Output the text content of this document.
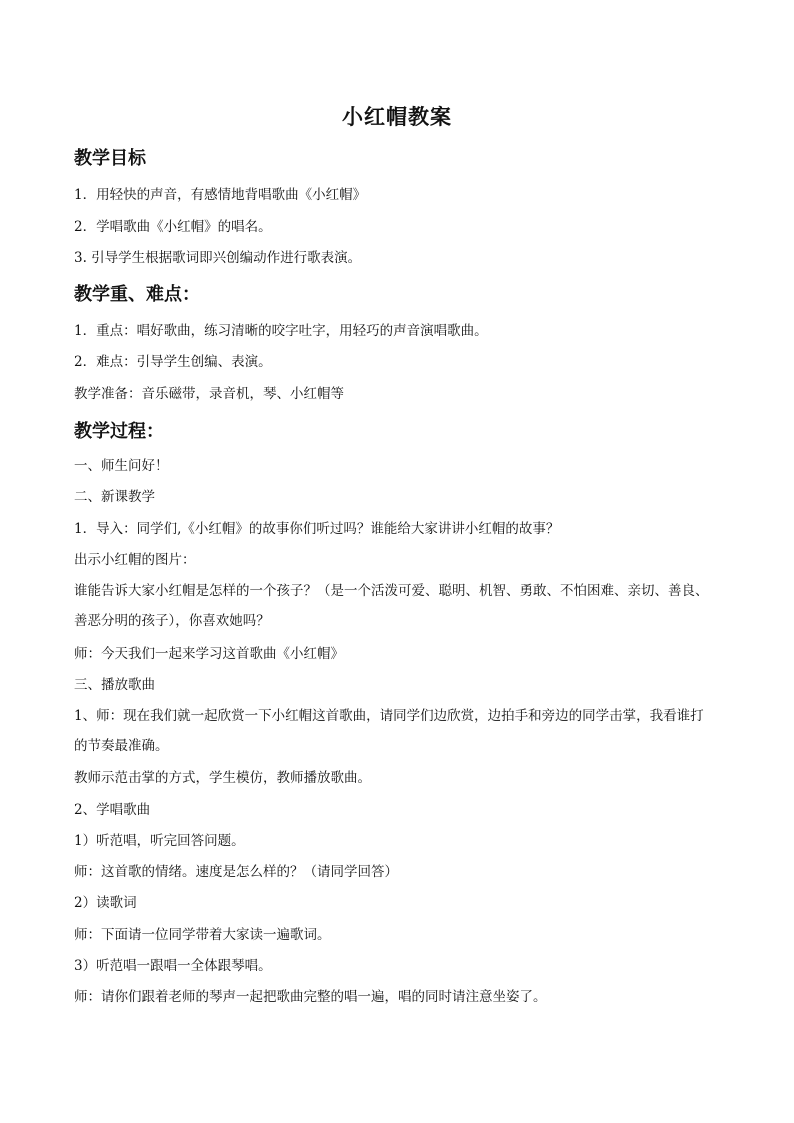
小红帽教案
教学目标
1．用轻快的声音，有感情地背唱歌曲《小红帽》
2．学唱歌曲《小红帽》的唱名。
3. 引导学生根据歌词即兴创编动作进行歌表演。
教学重、难点：
1．重点：唱好歌曲，练习清晰的咬字吐字，用轻巧的声音演唱歌曲。
2．难点：引导学生创编、表演。
教学准备：音乐磁带，录音机，琴、小红帽等
教学过程：
一、师生问好！
二、新课教学
1．导入：同学们,《小红帽》的故事你们听过吗？谁能给大家讲讲小红帽的故事？
出示小红帽的图片：
谁能告诉大家小红帽是怎样的一个孩子？（是一个活泼可爱、聪明、机智、勇敢、不怕困难、亲切、善良、
善恶分明的孩子），你喜欢她吗？
师：今天我们一起来学习这首歌曲《小红帽》
三、播放歌曲
1、师：现在我们就一起欣赏一下小红帽这首歌曲，请同学们边欣赏，边拍手和旁边的同学击掌，我看谁打
的节奏最准确。
教师示范击掌的方式，学生模仿，教师播放歌曲。
2、学唱歌曲
1）听范唱，听完回答问题。
师：这首歌的情绪。速度是怎么样的？（请同学回答）
2）读歌词
师：下面请一位同学带着大家读一遍歌词。
3）听范唱一跟唱一全体跟琴唱。
师：请你们跟着老师的琴声一起把歌曲完整的唱一遍，唱的同时请注意坐姿了。
